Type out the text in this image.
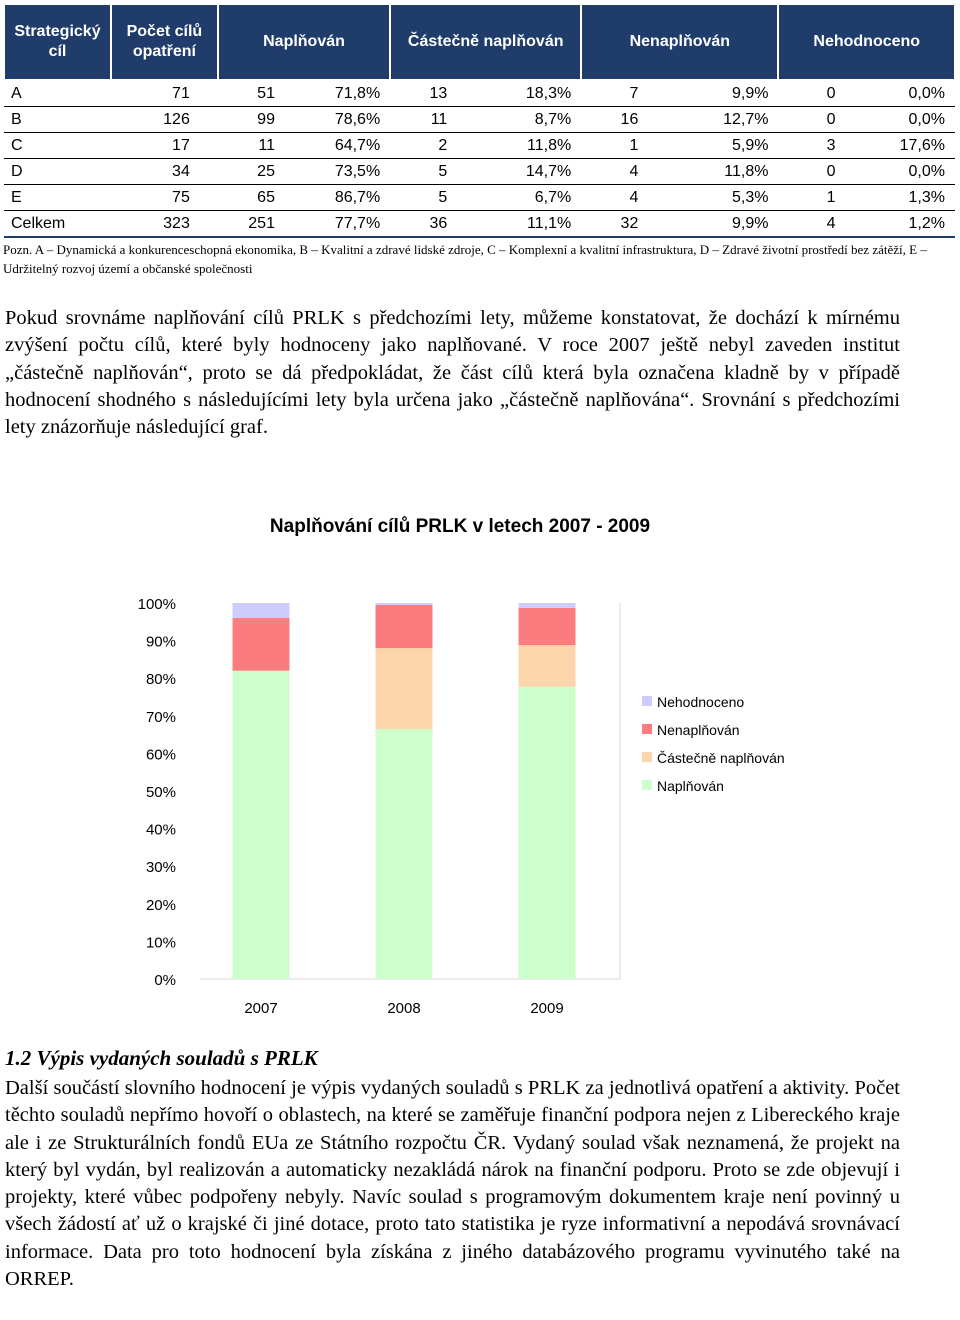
Strategický cíl	Počet cílů opatření	Naplňován		Částečně naplňován		Nenaplňován		Nehodnoceno	
A	71	51	71,8%	13	18,3%	7	9,9%	0	0,0%
B	126	99	78,6%	11	8,7%	16	12,7%	0	0,0%
C	17	11	64,7%	2	11,8%	1	5,9%	3	17,6%
D	34	25	73,5%	5	14,7%	4	11,8%	0	0,0%
E	75	65	86,7%	5	6,7%	4	5,3%	1	1,3%
Celkem	323	251	77,7%	36	11,1%	32	9,9%	4	1,2%
Pozn. A – Dynamická a konkurenceschopná ekonomika, B – Kvalitní a zdravé lidské zdroje, C – Komplexní a kvalitní infrastruktura, D – Zdravé životní prostředí bez zátěží, E – Udržitelný rozvoj území a občanské společnosti

Pokud srovnáme naplňování cílů PRLK s předchozími lety, můžeme konstatovat, že dochází k mírnému zvýšení počtu cílů, které byly hodnoceny jako naplňované. V roce 2007 ještě nebyl zaveden institut „částečně naplňován“, proto se dá předpokládat, že část cílů která byla označena kladně by v případě hodnocení shodného s následujícími lety byla určena jako „částečně naplňována“. Srovnání s předchozími lety znázorňuje následující graf.

Naplňování cílů PRLK v letech 2007 - 2009
0%
10%
20%
30%
40%
50%
60%
70%
80%
90%
100%
2007	2008	2009
Nehodnoceno
Nenaplňován
Částečně naplňován
Naplňován
1.2 Výpis vydaných souladů s PRLK

Další součástí slovního hodnocení je výpis vydaných souladů s PRLK za jednotlivá opatření a aktivity. Počet těchto souladů nepřímo hovoří o oblastech, na které se zaměřuje finanční podpora nejen z Libereckého kraje ale i ze Strukturálních fondů EUa ze Státního rozpočtu ČR. Vydaný soulad však neznamená, že projekt na který byl vydán, byl realizován a automaticky nezakládá nárok na finanční podporu. Proto se zde objevují i projekty, které vůbec podpořeny nebyly. Navíc soulad s programovým dokumentem kraje není povinný u všech žádostí ať už o krajské či jiné dotace, proto tato statistika je ryze informativní a nepodává srovnávací informace. Data pro toto hodnocení byla získána z jiného databázového programu vyvinutého také na ORREP.
